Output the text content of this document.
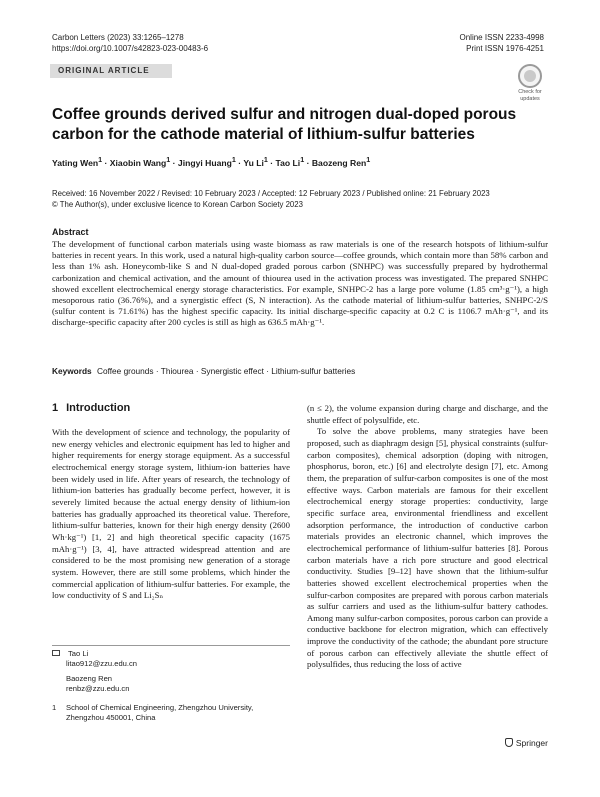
Carbon Letters (2023) 33:1265–1278
https://doi.org/10.1007/s42823-023-00483-6
Online ISSN 2233-4998
Print ISSN 1976-4251
ORIGINAL ARTICLE
Check for
updates
Coffee grounds derived sulfur and nitrogen dual-doped porous carbon for the cathode material of lithium-sulfur batteries
Yating Wen$^1$ · Xiaobin Wang$^1$ · Jingyi Huang$^1$ · Yu $Li^1$ · Tao $Li^1$ · Baozeng Ren$^1$
Received: 16 November 2022 / Revised: 10 February 2023 / Accepted: 12 February 2023 / Published online: 21 February 2023
© The Author(s), under exclusive licence to Korean Carbon Society 2023
Abstract
The development of functional carbon materials using waste biomass as raw materials is one of the research hotspots of lithium-sulfur batteries in recent years. In this work, used a natural high-quality carbon source—coffee grounds, which contain more than 58% carbon and less than 1% ash. Honeycomb-like S and N dual-doped graded porous carbon (SNHPC) was successfully prepared by hydrothermal carbonization and chemical activation, and the amount of thiourea used in the activation process was investigated. The prepared SNHPC showed excellent electrochemical energy storage characteristics. For example, SNHPC-2 has a large pore volume (1.85 cm³·g⁻¹), a high mesoporous ratio (36.76%), and a synergistic effect (S, N interaction). As the cathode material of lithium-sulfur batteries, SNHPC-2/S (sulfur content is 71.61%) has the highest specific capacity. Its initial discharge-specific capacity at 0.2 C is 1106.7 mAh·g⁻¹, and its discharge-specific capacity after 200 cycles is still as high as 636.5 mAh·g⁻¹.
Keywords Coffee grounds · Thiourea · Synergistic effect · Lithium-sulfur batteries
1 Introduction

With the development of science and technology, the popularity of new energy vehicles and electronic equipment has led to higher and higher requirements for energy storage equipment. As a successful electrochemical energy storage system, lithium-ion batteries have been widely used in life. After years of research, the technology of lithium-ion batteries has gradually become perfect, however, it is severely limited because the actual energy density of lithium-ion batteries has gradually approached its theoretical value. Therefore, lithium-sulfur batteries, known for their high energy density (2600 Wh·kg⁻¹) [1, 2] and high theoretical specific capacity (1675 mAh·g⁻¹) [3, 4], have attracted widespread attention and are considered to be the most promising new generation of a storage system. However, there are still some problems, which hinder the commercial application of lithium-sulfur batteries. For example, the low conductivity of S and Li₂Sₙ

(n ≤ 2), the volume expansion during charge and discharge, and the shuttle effect of polysulfide, etc.

To solve the above problems, many strategies have been proposed, such as diaphragm design [5], physical constraints (sulfur-carbon composites), chemical adsorption (doping with nitrogen, phosphorus, boron, etc.) [6] and electrolyte design [7], etc. Among them, the preparation of sulfur-carbon composites is one of the most effective ways. Carbon materials are famous for their excellent electrochemical energy storage properties: conductivity, large specific surface area, environmental friendliness and excellent adsorption performance, the introduction of conductive carbon materials provides an electronic channel, which improves the electrochemical performance of lithium-sulfur batteries [8]. Porous carbon materials have a rich pore structure and good electrical conductivity. Studies [9–12] have shown that the lithium-sulfur batteries showed excellent electrochemical properties when the sulfur-carbon composites are prepared with porous carbon materials as sulfur carriers and used as the lithium-sulfur battery cathodes. Among many sulfur-carbon composites, porous carbon can provide a conductive backbone for electron migration, which can effectively improve the conductivity of the cathode; the abundant pore structure of porous carbon can effectively alleviate the shuttle effect of polysulfides, thus reducing the loss of active

Tao Li
litao912@zzu.edu.cn
Baozeng Ren
renbz@zzu.edu.cn
1 School of Chemical Engineering, Zhengzhou University,
Zhengzhou 450001, China
Springer
